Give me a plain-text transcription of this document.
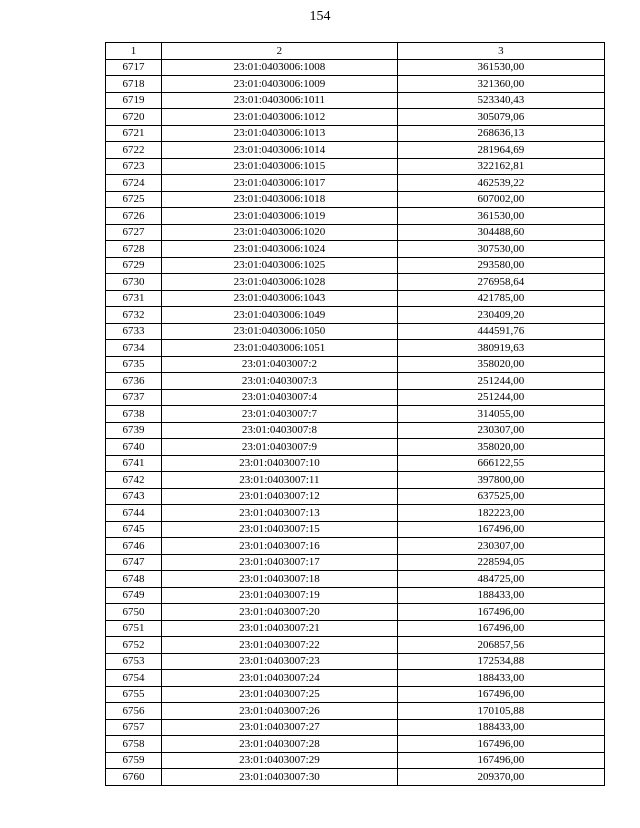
154
1	2	3
6717	23:01:0403006:1008	361530,00
6718	23:01:0403006:1009	321360,00
6719	23:01:0403006:1011	523340,43
6720	23:01:0403006:1012	305079,06
6721	23:01:0403006:1013	268636,13
6722	23:01:0403006:1014	281964,69
6723	23:01:0403006:1015	322162,81
6724	23:01:0403006:1017	462539,22
6725	23:01:0403006:1018	607002,00
6726	23:01:0403006:1019	361530,00
6727	23:01:0403006:1020	304488,60
6728	23:01:0403006:1024	307530,00
6729	23:01:0403006:1025	293580,00
6730	23:01:0403006:1028	276958,64
6731	23:01:0403006:1043	421785,00
6732	23:01:0403006:1049	230409,20
6733	23:01:0403006:1050	444591,76
6734	23:01:0403006:1051	380919,63
6735	23:01:0403007:2	358020,00
6736	23:01:0403007:3	251244,00
6737	23:01:0403007:4	251244,00
6738	23:01:0403007:7	314055,00
6739	23:01:0403007:8	230307,00
6740	23:01:0403007:9	358020,00
6741	23:01:0403007:10	666122,55
6742	23:01:0403007:11	397800,00
6743	23:01:0403007:12	637525,00
6744	23:01:0403007:13	182223,00
6745	23:01:0403007:15	167496,00
6746	23:01:0403007:16	230307,00
6747	23:01:0403007:17	228594,05
6748	23:01:0403007:18	484725,00
6749	23:01:0403007:19	188433,00
6750	23:01:0403007:20	167496,00
6751	23:01:0403007:21	167496,00
6752	23:01:0403007:22	206857,56
6753	23:01:0403007:23	172534,88
6754	23:01:0403007:24	188433,00
6755	23:01:0403007:25	167496,00
6756	23:01:0403007:26	170105,88
6757	23:01:0403007:27	188433,00
6758	23:01:0403007:28	167496,00
6759	23:01:0403007:29	167496,00
6760	23:01:0403007:30	209370,00
